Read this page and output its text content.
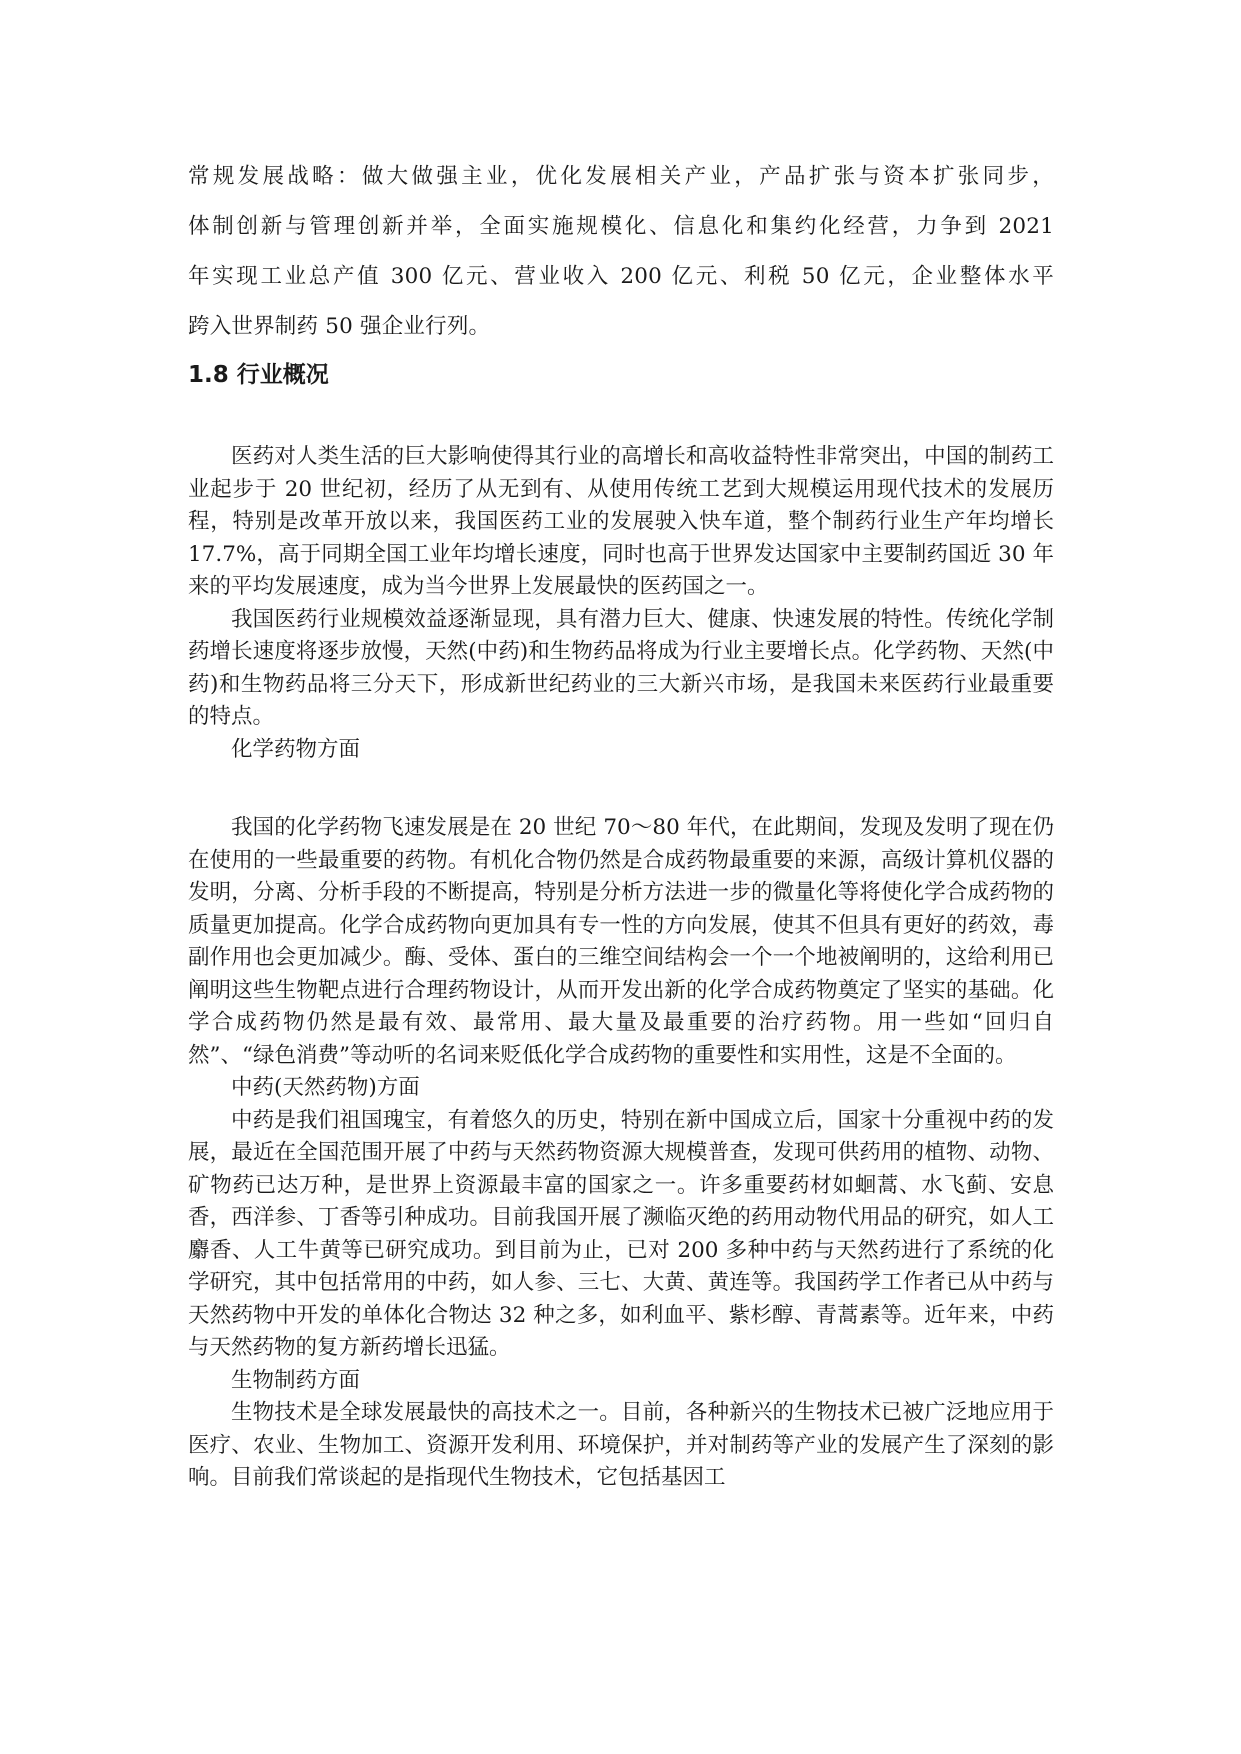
常规发展战略：做大做强主业，优化发展相关产业，产品扩张与资本扩张同步，

体制创新与管理创新并举，全面实施规模化、信息化和集约化经营，力争到 2021

年实现工业总产值 300 亿元、营业收入 200 亿元、利税 50 亿元，企业整体水平

跨入世界制药 50 强企业行列。

1.8 行业概况

医药对人类生活的巨大影响使得其行业的高增长和高收益特性非常突出，中国的制药工业起步于 20 世纪初，经历了从无到有、从使用传统工艺到大规模运用现代技术的发展历程，特别是改革开放以来，我国医药工业的发展驶入快车道，整个制药行业生产年均增长 17.7%，高于同期全国工业年均增长速度，同时也高于世界发达国家中主要制药国近 30 年来的平均发展速度，成为当今世界上发展最快的医药国之一。

我国医药行业规模效益逐渐显现，具有潜力巨大、健康、快速发展的特性。传统化学制药增长速度将逐步放慢，天然(中药)和生物药品将成为行业主要增长点。化学药物、天然(中药)和生物药品将三分天下，形成新世纪药业的三大新兴市场，是我国未来医药行业最重要的特点。

化学药物方面

我国的化学药物飞速发展是在 20 世纪 70～80 年代，在此期间，发现及发明了现在仍在使用的一些最重要的药物。有机化合物仍然是合成药物最重要的来源，高级计算机仪器的发明，分离、分析手段的不断提高，特别是分析方法进一步的微量化等将使化学合成药物的质量更加提高。化学合成药物向更加具有专一性的方向发展，使其不但具有更好的药效，毒副作用也会更加减少。酶、受体、蛋白的三维空间结构会一个一个地被阐明的，这给利用已阐明这些生物靶点进行合理药物设计，从而开发出新的化学合成药物奠定了坚实的基础。化学合成药物仍然是最有效、最常用、最大量及最重要的治疗药物。用一些如“回归自然”、“绿色消费”等动听的名词来贬低化学合成药物的重要性和实用性，这是不全面的。

中药(天然药物)方面

中药是我们祖国瑰宝，有着悠久的历史，特别在新中国成立后，国家十分重视中药的发展，最近在全国范围开展了中药与天然药物资源大规模普查，发现可供药用的植物、动物、矿物药已达万种，是世界上资源最丰富的国家之一。许多重要药材如蛔蒿、水飞蓟、安息香，西洋参、丁香等引种成功。目前我国开展了濒临灭绝的药用动物代用品的研究，如人工麝香、人工牛黄等已研究成功。到目前为止，已对 200 多种中药与天然药进行了系统的化学研究，其中包括常用的中药，如人参、三七、大黄、黄连等。我国药学工作者已从中药与天然药物中开发的单体化合物达 32 种之多，如利血平、紫杉醇、青蒿素等。近年来，中药与天然药物的复方新药增长迅猛。

生物制药方面

生物技术是全球发展最快的高技术之一。目前，各种新兴的生物技术已被广泛地应用于医疗、农业、生物加工、资源开发利用、环境保护，并对制药等产业的发展产生了深刻的影响。目前我们常谈起的是指现代生物技术，它包括基因工
